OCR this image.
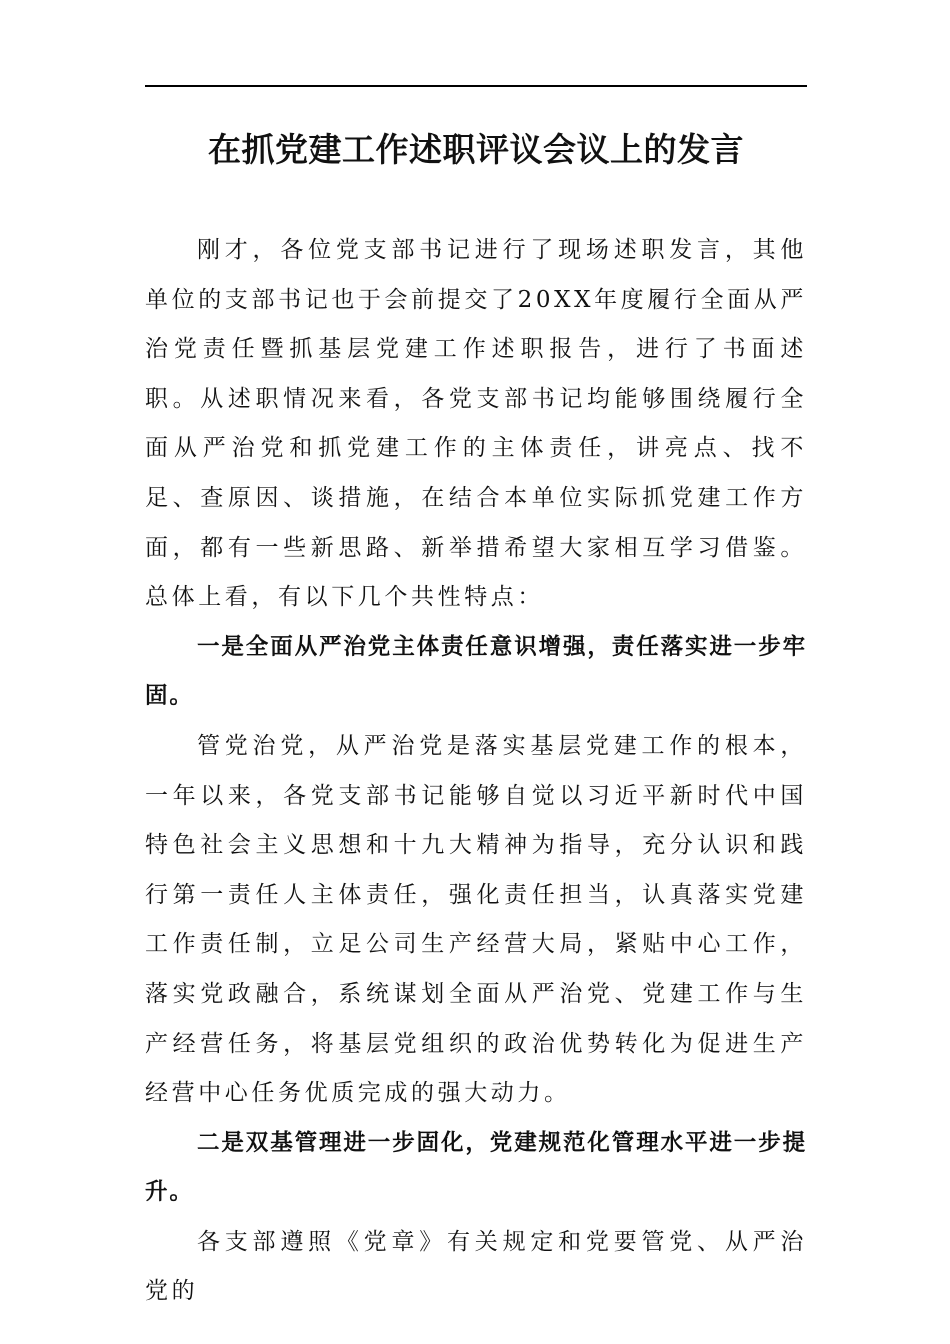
在抓党建工作述职评议会议上的发言

刚才，各位党支部书记进行了现场述职发言，其他单位的支部书记也于会前提交了20XX年度履行全面从严治党责任暨抓基层党建工作述职报告，进行了书面述职。从述职情况来看，各党支部书记均能够围绕履行全面从严治党和抓党建工作的主体责任，讲亮点、找不足、查原因、谈措施，在结合本单位实际抓党建工作方面，都有一些新思路、新举措希望大家相互学习借鉴。总体上看，有以下几个共性特点：

一是全面从严治党主体责任意识增强，责任落实进一步牢固。

管党治党，从严治党是落实基层党建工作的根本，一年以来，各党支部书记能够自觉以习近平新时代中国特色社会主义思想和十九大精神为指导，充分认识和践行第一责任人主体责任，强化责任担当，认真落实党建工作责任制，立足公司生产经营大局，紧贴中心工作，落实党政融合，系统谋划全面从严治党、党建工作与生产经营任务，将基层党组织的政治优势转化为促进生产经营中心任务优质完成的强大动力。

二是双基管理进一步固化，党建规范化管理水平进一步提升。

各支部遵照《党章》有关规定和党要管党、从严治党的
